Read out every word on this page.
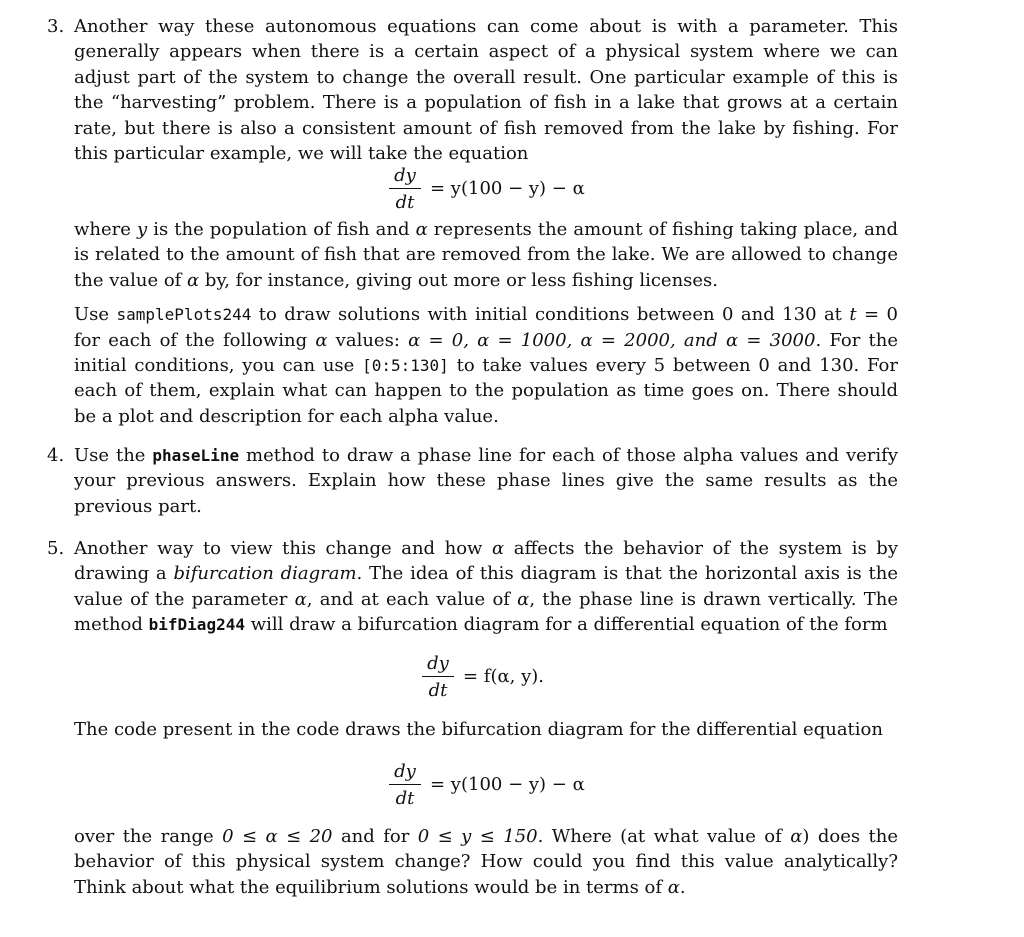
3. Another way these autonomous equations can come about is with a parameter. This generally appears when there is a certain aspect of a physical system where we can adjust part of the system to change the overall result. One particular example of this is the “harvesting” problem. There is a population of fish in a lake that grows at a certain rate, but there is also a consistent amount of fish removed from the lake by fishing. For this particular example, we will take the equation

dy
dt
= y(100 − y) − α

where y is the population of fish and α represents the amount of fishing taking place, and is related to the amount of fish that are removed from the lake. We are allowed to change the value of α by, for instance, giving out more or less fishing licenses.

Use samplePlots244 to draw solutions with initial conditions between 0 and 130 at t = 0 for each of the following α values: α = 0, α = 1000, α = 2000, and α = 3000. For the initial conditions, you can use [0:5:130] to take values every 5 between 0 and 130. For each of them, explain what can happen to the population as time goes on. There should be a plot and description for each alpha value.

4. Use the phaseLine method to draw a phase line for each of those alpha values and verify your previous answers. Explain how these phase lines give the same results as the previous part.

5. Another way to view this change and how α affects the behavior of the system is by drawing a bifurcation diagram. The idea of this diagram is that the horizontal axis is the value of the parameter α, and at each value of α, the phase line is drawn vertically. The method bifDiag244 will draw a bifurcation diagram for a differential equation of the form

dy
dt
= f(α, y).

The code present in the code draws the bifurcation diagram for the differential equation

dy
dt
= y(100 − y) − α

over the range 0 ≤ α ≤ 20 and for 0 ≤ y ≤ 150. Where (at what value of α) does the behavior of this physical system change? How could you find this value analytically? Think about what the equilibrium solutions would be in terms of α.
